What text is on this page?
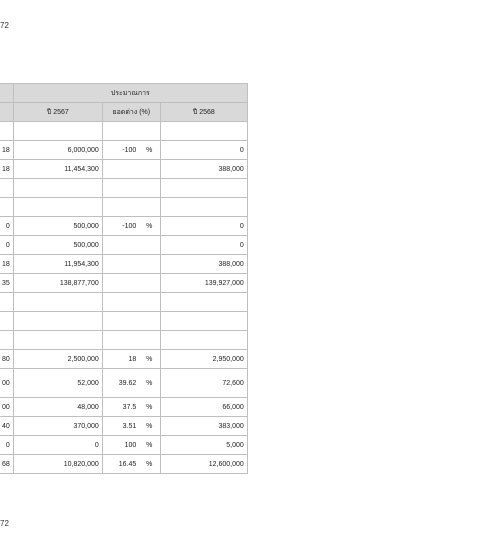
72
	ประมาณการ		
	ปี 2567	ยอดต่าง (%)	ปี 2568

18	6,000,000	-100 %	0
18	11,454,300		388,000

0	500,000	-100 %	0
0	500,000		0
18	11,954,300		388,000
35	138,877,700		139,927,000

80	2,500,000	18 %	2,950,000
00	52,000	39.62 %	72,600
00	48,000	37.5 %	66,000
40	370,000	3.51 %	383,000
0	0	100 %	5,000
68	10,820,000	16.45 %	12,600,000
72
